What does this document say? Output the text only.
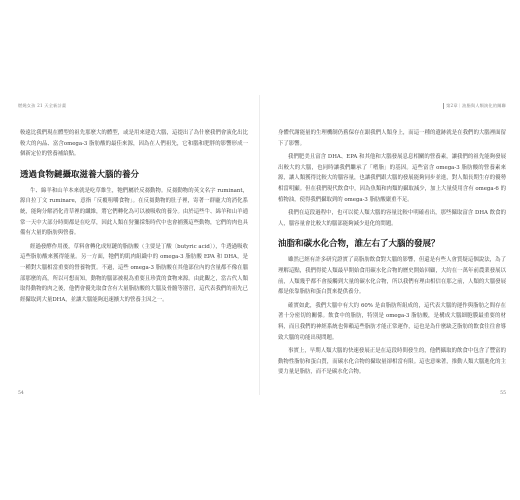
燃燒女孩 21 天全新計畫

較遠比我們現在體型的祖先那麼大的體型，或是用來建造大腦，這提出了為什麼我們會演化出比較大的內品、富含omega-3 脂肪酸的最佳來源，因為在人們祖先，它和腦和肥胖的影響形成一個新定位的營養補給點。

透過食物鏈攝取滋養大腦的養分

牛、綿羊和山羊本來就是吃草維生，牠們屬於反芻動物。反芻動物的英文名字 ruminant，源自拉丁文 ruminare，意指「反覆咀嚼食物」。在反芻動物的肚子裡，寄著一群龐大的消化系統，能夠分解消化青草裡的纖維，將它們轉化為可以被吸收的養分。由於這些牛、綿羊和山羊通常一天中大部分時間都是在吃草，因此人類在狩獵採集時代中也會捕獲這些動物，它們的肉也具備有大量的脂肪與營養。

經過發酵作用後，草料會轉化成短鏈的脂肪酸（主要是丁酸〔butyric acid〕），牛透過吸收這些脂肪酸來獲得能量。另一方面，牠們的肌肉組織中的 omega-3 脂肪酸 EPA 和 DHA，是一種對大腦相當重要的營養物質。不過，這些 omega-3 脂肪酸在其他部位內的含量都不像在腦部那麼的高，所以可想而知，動物的腦部被視為重要且珍貴的食物來源。由此觀之，當古代人類取得動物的肉之後，他們會優先取食含有大量脂肪酸的大腦及骨髓等器官，這代表我們的祖先已經攝取到大量DHA，並讓大腦能夠迅速擴大的營養主因之一。

54
第2章｜油脂與人類演化的關聯

身體代謝能量的生理機制仍舊保存在跟我們人類身上，而這一種的遺跡就是在我們的大腦裡面留下了影響。

我們肥美且富含 DHA、EPA 和其他和大腦發展息息相關的營養素，讓我們的祖先能夠發展出較大的大腦，也同時讓我們繼承了「嗜脂」的基因。這些富含 omega-3 脂肪酸的營養素來源，讓人類獲得比較大的腦容量，也讓我們跟大腦的發展能夠同步並進，對人類長期生存的優勢相當明顯。但在我們現代飲食中，因為魚類和肉類的攝取減少，加上大量使用含有 omega-6 的植物油，使得我們攝取到的 omega-3 脂肪酸嚴重不足。

我們在這段過程中，也可以從人類大腦的容量比較中明確看出，那些攝取富含 DHA 飲食的人，腦容量會比較大的腦部能夠減少退化的問題。

油脂和碳水化合物，誰左右了大腦的發展？

雖然已經有許多研究證實了高脂肪飲食對大腦的影響，但還是有些人會質疑這個說法，為了理解這點，我們得從人類最早開始食用碳水化合物的歷史開始回顧，大約在一萬年前農業發展以前，人類幾乎都不會接觸到大量的碳水化合物，所以我們有理由相信在那之前，人類的大腦發展都是依靠脂肪和蛋白質來提供養分。

確實如此，我們大腦中有大約 60% 是由脂肪所組成的，這代表大腦的運作與脂肪之間存在著十分密切的關係。飲食中的脂肪，特別是 omega-3 脂肪酸，是構成大腦細胞膜最重要的材料，而且我們的神經系統也仰賴這些脂肪才能正常運作，這也是為什麼缺乏脂肪的飲食往往會導致大腦的功能出現問題。

事實上，早期人類大腦的快速發展正是在這段時間發生的，他們攝取的飲食中包含了豐富的動物性脂肪和蛋白質，而碳水化合物的攝取量卻相當有限。這也意味著，推動人類大腦進化的主要力量是脂肪，而不是碳水化合物。

55
